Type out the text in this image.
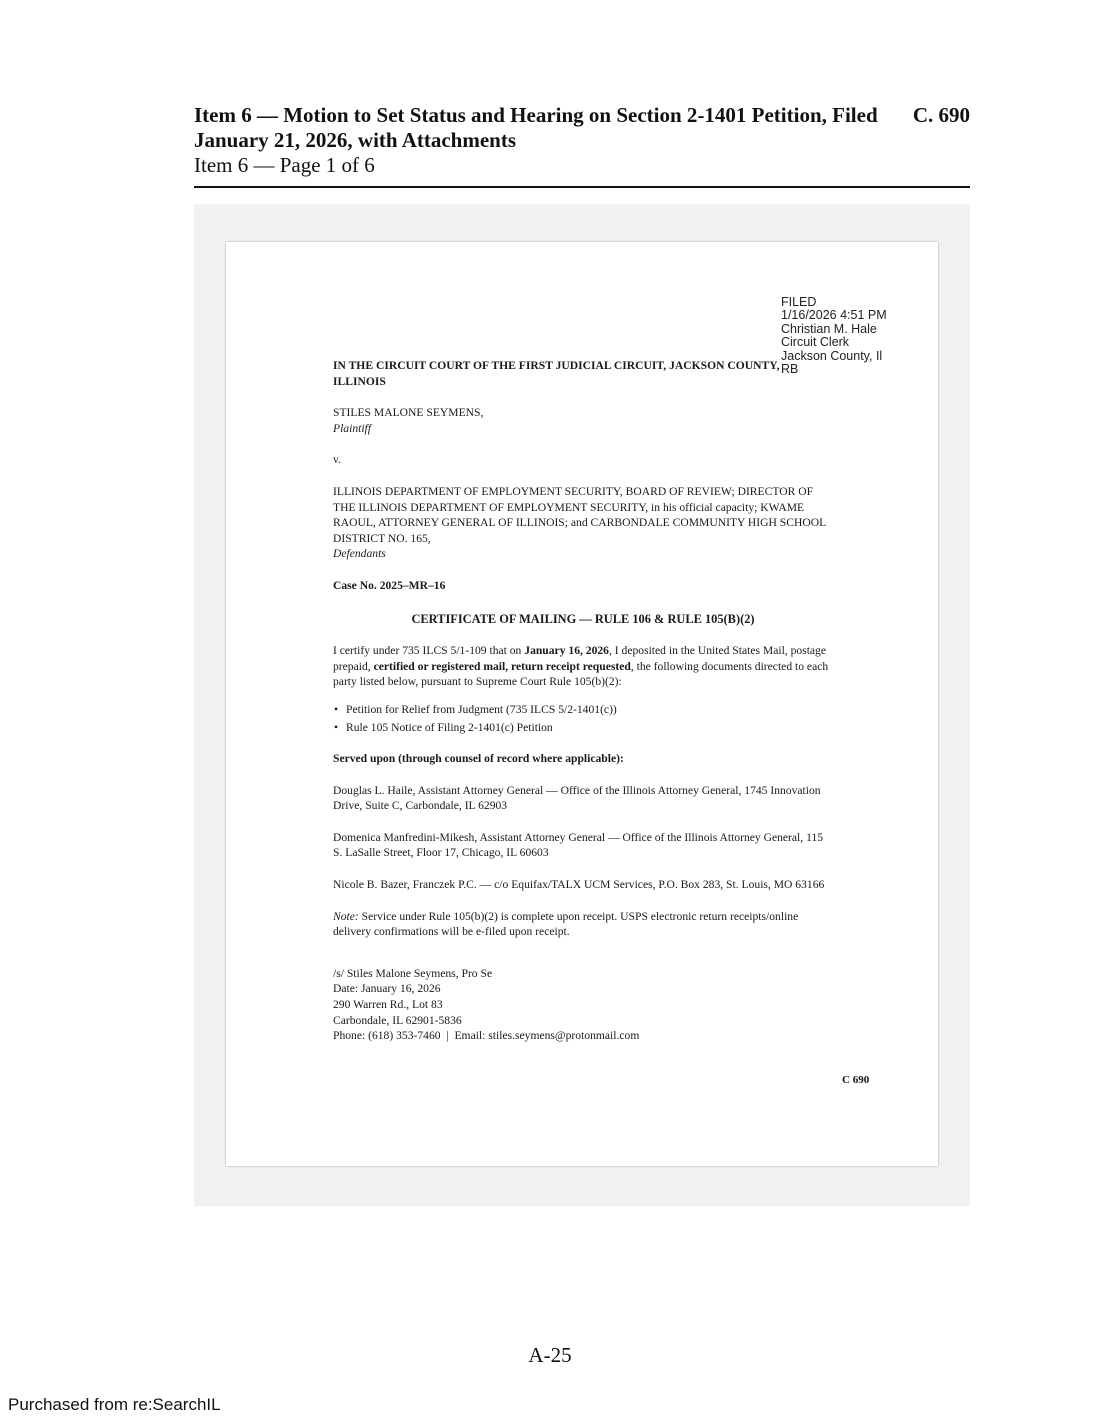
Item 6 — Motion to Set Status and Hearing on Section 2-1401 Petition, Filed January 21, 2026, with Attachments
C. 690
Item 6 — Page 1 of 6
FILED
1/16/2026 4:51 PM
Christian M. Hale
Circuit Clerk
Jackson County, Il
RB
IN THE CIRCUIT COURT OF THE FIRST JUDICIAL CIRCUIT, JACKSON COUNTY, ILLINOIS
STILES MALONE SEYMENS,
Plaintiff
v.
ILLINOIS DEPARTMENT OF EMPLOYMENT SECURITY, BOARD OF REVIEW; DIRECTOR OF THE ILLINOIS DEPARTMENT OF EMPLOYMENT SECURITY, in his official capacity; KWAME RAOUL, ATTORNEY GENERAL OF ILLINOIS; and CARBONDALE COMMUNITY HIGH SCHOOL DISTRICT NO. 165,
Defendants
Case No. 2025–MR–16
CERTIFICATE OF MAILING — RULE 106 & RULE 105(B)(2)
I certify under 735 ILCS 5/1-109 that on January 16, 2026, I deposited in the United States Mail, postage prepaid, certified or registered mail, return receipt requested, the following documents directed to each party listed below, pursuant to Supreme Court Rule 105(b)(2):
• Petition for Relief from Judgment (735 ILCS 5/2-1401(c))
• Rule 105 Notice of Filing 2-1401(c) Petition
Served upon (through counsel of record where applicable):
Douglas L. Haile, Assistant Attorney General — Office of the Illinois Attorney General, 1745 Innovation Drive, Suite C, Carbondale, IL 62903
Domenica Manfredini-Mikesh, Assistant Attorney General — Office of the Illinois Attorney General, 115 S. LaSalle Street, Floor 17, Chicago, IL 60603
Nicole B. Bazer, Franczek P.C. — c/o Equifax/TALX UCM Services, P.O. Box 283, St. Louis, MO 63166
Note: Service under Rule 105(b)(2) is complete upon receipt. USPS electronic return receipts/online delivery confirmations will be e-filed upon receipt.
/s/ Stiles Malone Seymens, Pro Se
Date: January 16, 2026
290 Warren Rd., Lot 83
Carbondale, IL 62901-5836
Phone: (618) 353-7460  |  Email: stiles.seymens@protonmail.com
C 690
A-25
Purchased from re:SearchIL
